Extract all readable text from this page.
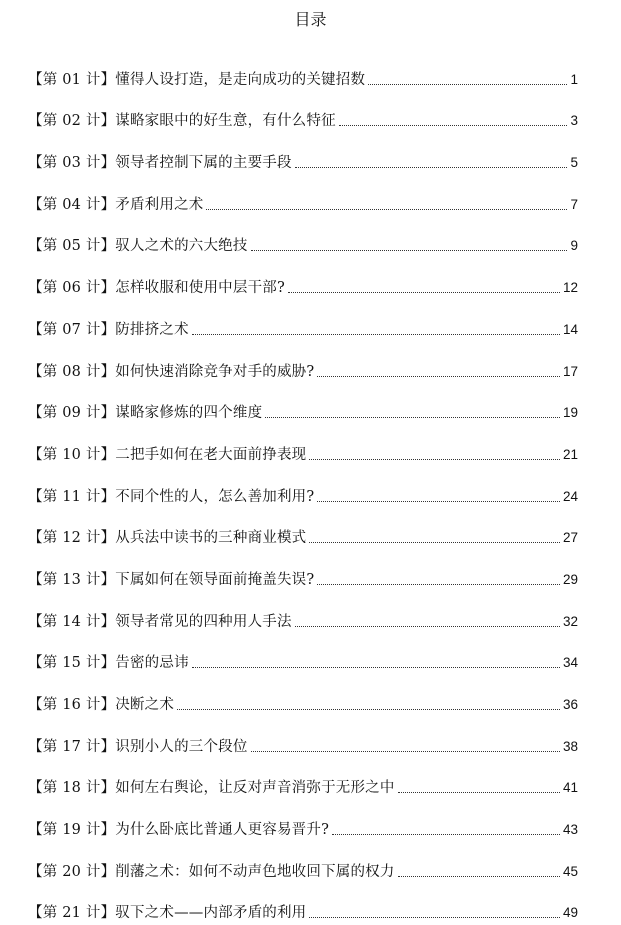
目录
【第 01 计】懂得人设打造，是走向成功的关键招数	1
【第 02 计】谋略家眼中的好生意，有什么特征	3
【第 03 计】领导者控制下属的主要手段	5
【第 04 计】矛盾利用之术	7
【第 05 计】驭人之术的六大绝技	9
【第 06 计】怎样收服和使用中层干部?	12
【第 07 计】防排挤之术	14
【第 08 计】如何快速消除竞争对手的威胁?	17
【第 09 计】谋略家修炼的四个维度	19
【第 10 计】二把手如何在老大面前挣表现	21
【第 11 计】不同个性的人，怎么善加利用?	24
【第 12 计】从兵法中读书的三种商业模式	27
【第 13 计】下属如何在领导面前掩盖失误?	29
【第 14 计】领导者常见的四种用人手法	32
【第 15 计】告密的忌讳	34
【第 16 计】决断之术	36
【第 17 计】识别小人的三个段位	38
【第 18 计】如何左右舆论，让反对声音消弥于无形之中	41
【第 19 计】为什么卧底比普通人更容易晋升?	43
【第 20 计】削藩之术：如何不动声色地收回下属的权力	45
【第 21 计】驭下之术——内部矛盾的利用	49
